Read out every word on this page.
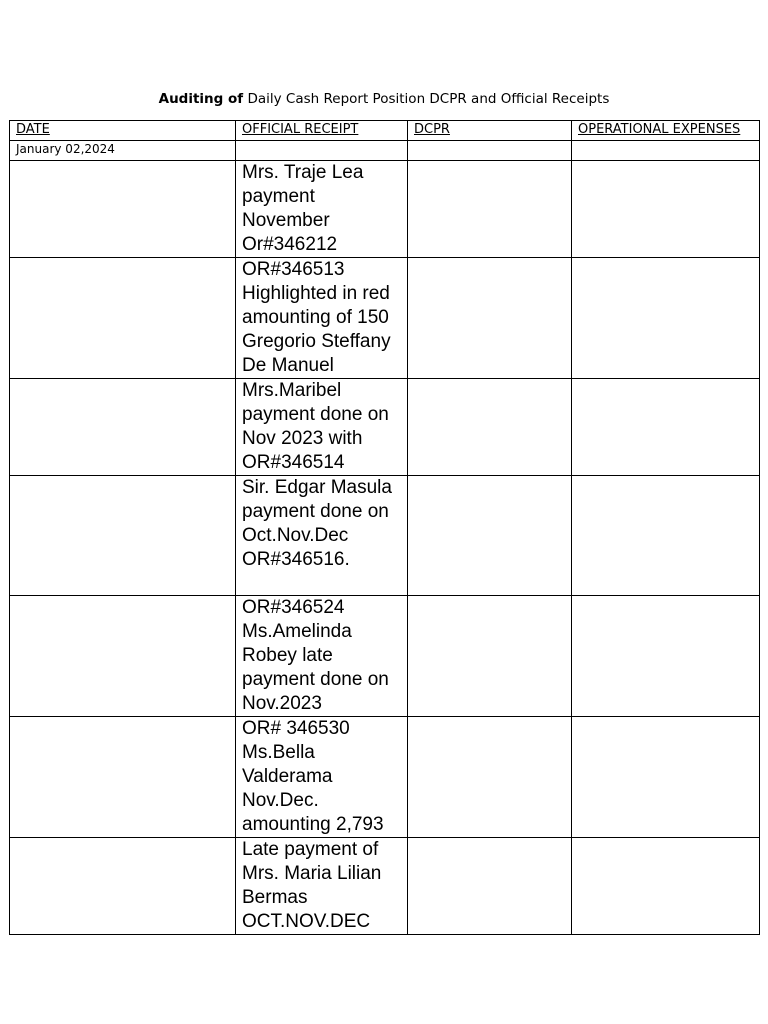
Auditing of Daily Cash Report Position DCPR and Official Receipts
DATE	OFFICIAL RECEIPT	DCPR	OPERATIONAL EXPENSES
January 02,2024			
	Mrs. Traje Lea payment November Or#346212		
	OR#346513 Highlighted in red amounting of 150 Gregorio Steffany De Manuel		
	Mrs.Maribel payment done on Nov 2023 with OR#346514		
	Sir. Edgar Masula payment done on Oct.Nov.Dec OR#346516.		
	OR#346524 Ms.Amelinda Robey late payment done on Nov.2023		
	OR# 346530 Ms.Bella Valderama Nov.Dec. amounting 2,793		
	Late payment of Mrs. Maria Lilian Bermas OCT.NOV.DEC		
